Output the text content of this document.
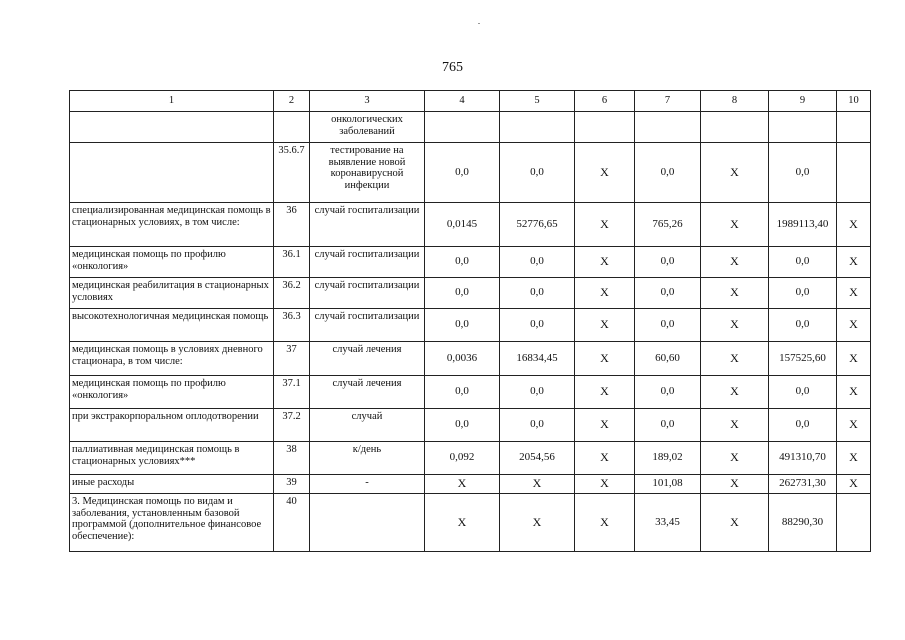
765
1	2	3	4	5	6	7	8	9	10
		онкологических заболеваний							
	35.6.7	тестирование на выявление новой коронавирусной инфекции	0,0	0,0	Х	0,0	Х	0,0	
специализированная медицинская помощь в стационарных условиях, в том числе:	36	случай госпитализации	0,0145	52776,65	Х	765,26	Х	1989113,40	Х
медицинская помощь по профилю «онкология»	36.1	случай госпитализации	0,0	0,0	Х	0,0	Х	0,0	Х
медицинская реабилитация в стационарных условиях	36.2	случай госпитализации	0,0	0,0	Х	0,0	Х	0,0	Х
высокотехнологичная медицинская помощь	36.3	случай госпитализации	0,0	0,0	Х	0,0	Х	0,0	Х
медицинская помощь в условиях дневного стационара, в том числе:	37	случай лечения	0,0036	16834,45	Х	60,60	Х	157525,60	Х
медицинская помощь по профилю «онкология»	37.1	случай лечения	0,0	0,0	Х	0,0	Х	0,0	Х
при экстракорпоральном оплодотворении	37.2	случай	0,0	0,0	Х	0,0	Х	0,0	Х
паллиативная медицинская помощь в стационарных условиях***	38	к/день	0,092	2054,56	Х	189,02	Х	491310,70	Х
иные расходы	39	-	Х	Х	Х	101,08	Х	262731,30	Х
3. Медицинская помощь по видам и заболевания, установленным базовой программой (дополнительное финансовое обеспечение):	40		Х	Х	Х	33,45	Х	88290,30	
